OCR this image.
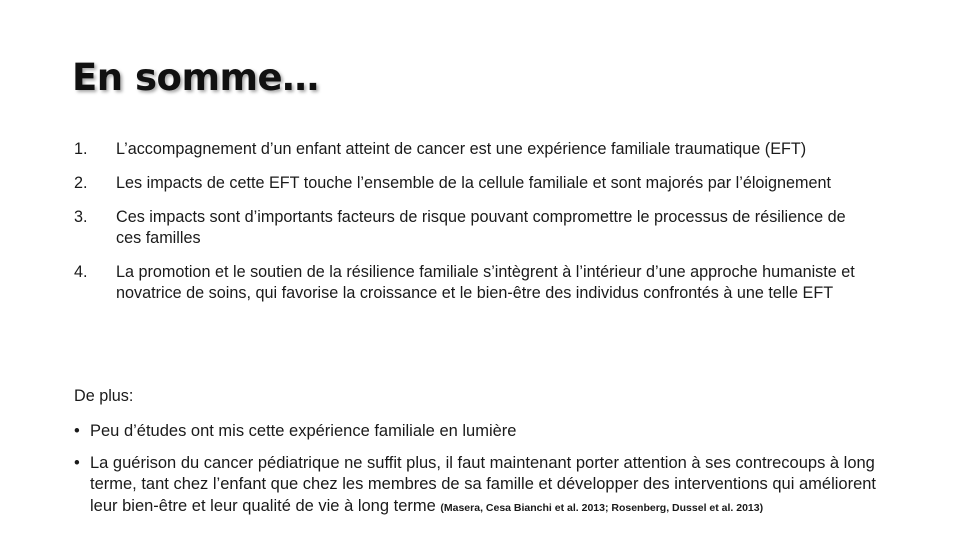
En somme…
1.	L’accompagnement d’un enfant atteint de cancer est une expérience familiale traumatique (EFT)
2.	Les impacts de cette EFT touche l’ensemble de la cellule familiale et sont majorés par l’éloignement
3.	Ces impacts sont d’importants facteurs de risque pouvant compromettre le processus de résilience de ces familles
4.	La promotion et le soutien de la résilience familiale s’intègrent à l’intérieur d’une approche humaniste et novatrice de soins, qui favorise la croissance et le bien-être des individus confrontés à une telle EFT
De plus:
• Peu d’études ont mis cette expérience familiale en lumière
• La guérison du cancer pédiatrique ne suffit plus, il faut maintenant porter attention à ses contrecoups à long terme, tant chez l’enfant que chez les membres de sa famille et développer des interventions qui améliorent leur bien-être et leur qualité de vie à long terme (Masera, Cesa Bianchi et al. 2013; Rosenberg, Dussel et al. 2013)
